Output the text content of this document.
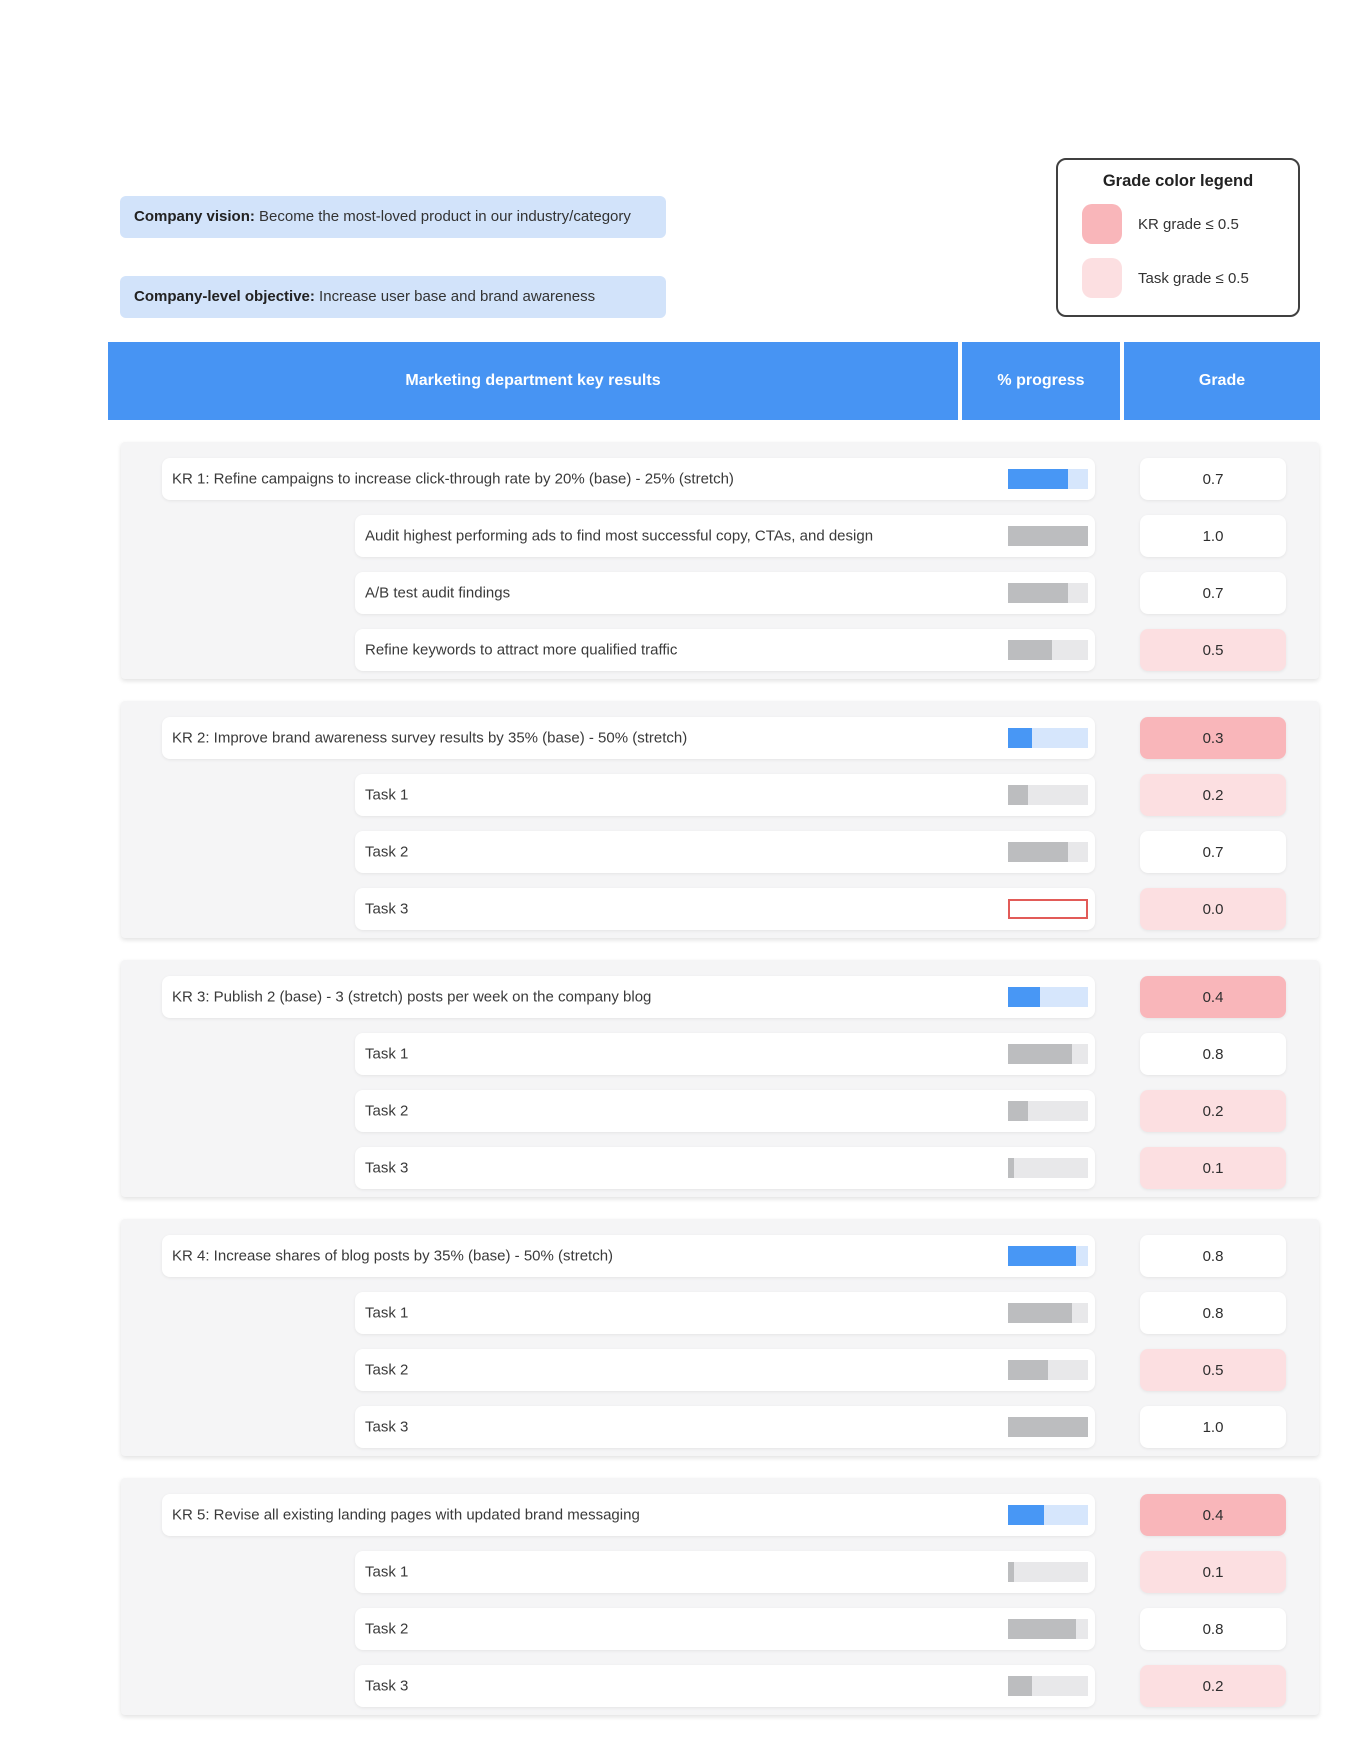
Company vision: Become the most-loved product in our industry/category
Company-level objective: Increase user base and brand awareness
Grade color legend
KR grade ≤ 0.5
Task grade ≤ 0.5
Marketing department key results	% progress	Grade
KR 1: Refine campaigns to increase click-through rate by 20% (base) - 25% (stretch)	0.7
Audit highest performing ads to find most successful copy, CTAs, and design	1.0
A/B test audit findings	0.7
Refine keywords to attract more qualified traffic	0.5
KR 2: Improve brand awareness survey results by 35% (base) - 50% (stretch)	0.3
Task 1	0.2
Task 2	0.7
Task 3	0.0
KR 3: Publish 2 (base) - 3 (stretch) posts per week on the company blog	0.4
Task 1	0.8
Task 2	0.2
Task 3	0.1
KR 4: Increase shares of blog posts by 35% (base) - 50% (stretch)	0.8
Task 1	0.8
Task 2	0.5
Task 3	1.0
KR 5: Revise all existing landing pages with updated brand messaging	0.4
Task 1	0.1
Task 2	0.8
Task 3	0.2
